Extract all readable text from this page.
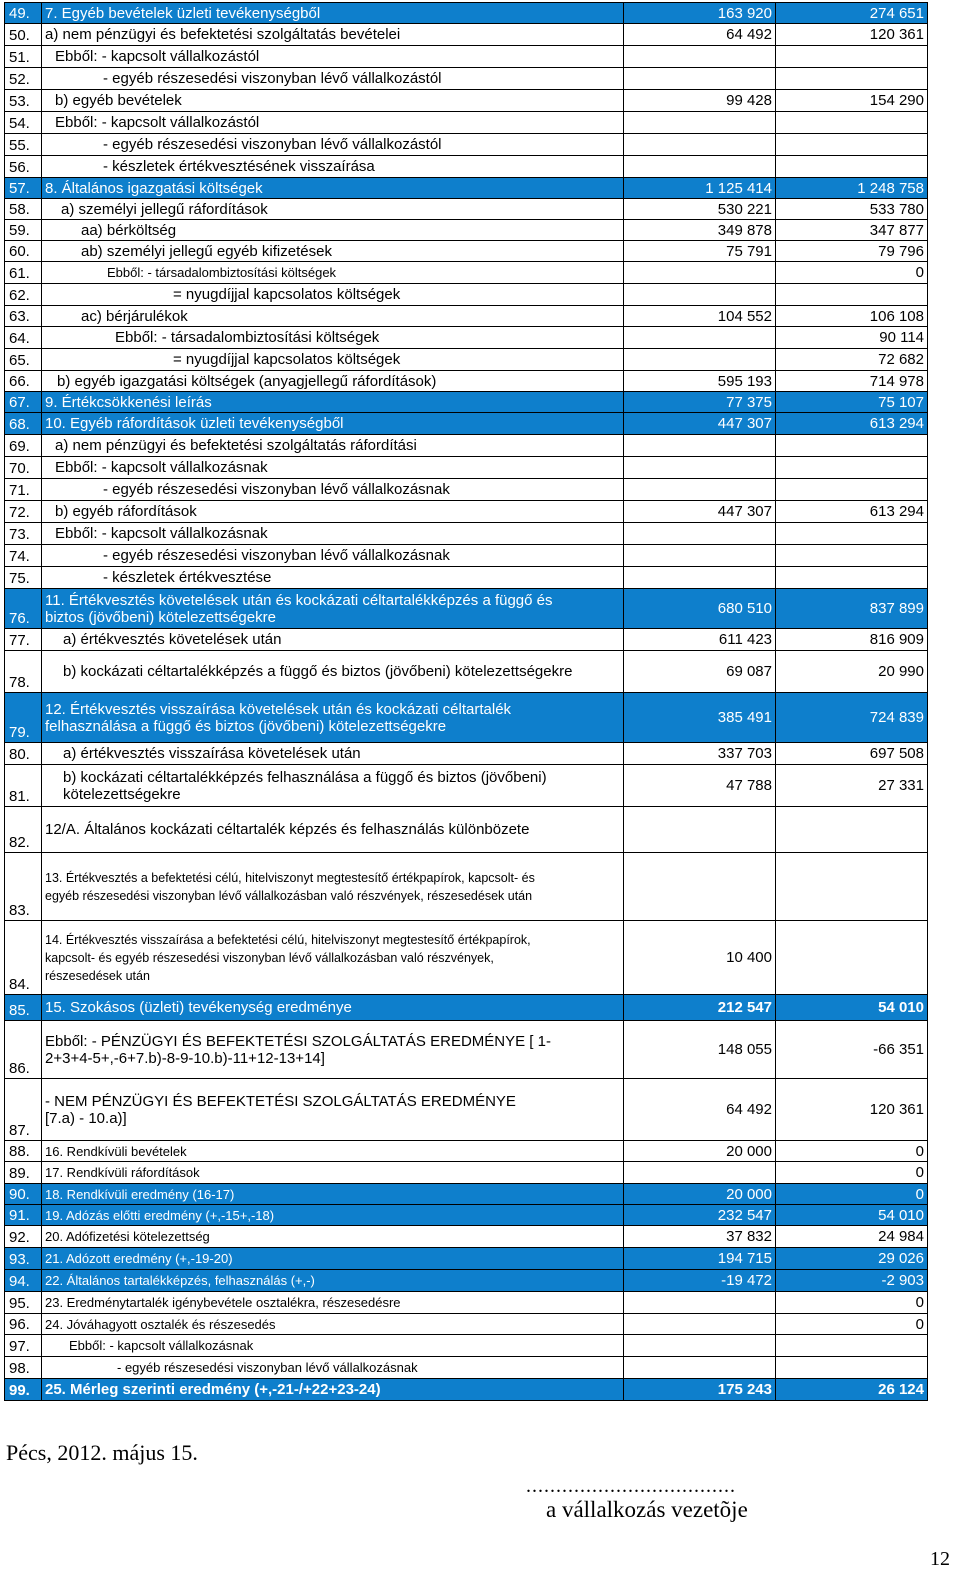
49.	7. Egyéb bevételek üzleti tevékenységből	163 920	274 651
50.	a) nem pénzügyi és befektetési szolgáltatás bevételei	64 492	120 361
51.	Ebből: - kapcsolt vállalkozástól		

52.	- egyéb részesedési viszonyban lévő vállalkozástól		

53.	b) egyéb bevételek	99 428	154 290
54.	Ebből: - kapcsolt vállalkozástól		

55.	- egyéb részesedési viszonyban lévő vállalkozástól		

56.	- készletek értékvesztésének visszaírása		

57.	8. Általános igazgatási költségek	1 125 414	1 248 758
58.	a) személyi jellegű ráfordítások	530 221	533 780
59.	aa) bérköltség	349 878	347 877
60.	ab) személyi jellegű egyéb kifizetések	75 791	79 796
61.	Ebből: - társadalombiztosítási költségek		0
62.	= nyugdíjjal kapcsolatos költségek		

63.	ac) bérjárulékok	104 552	106 108
64.	Ebből: - társadalombiztosítási költségek		90 114
65.	= nyugdíjjal kapcsolatos költségek		72 682
66.	b) egyéb igazgatási költségek (anyagjellegű ráfordítások)	595 193	714 978
67.	9. Értékcsökkenési leírás	77 375	75 107
68.	10. Egyéb ráfordítások üzleti tevékenységből	447 307	613 294
69.	a) nem pénzügyi és befektetési szolgáltatás ráfordítási		

70.	Ebből: - kapcsolt vállalkozásnak		

71.	- egyéb részesedési viszonyban lévő vállalkozásnak		

72.	b) egyéb ráfordítások	447 307	613 294
73.	Ebből: - kapcsolt vállalkozásnak		

74.	- egyéb részesedési viszonyban lévő vállalkozásnak		

75.	- készletek értékvesztése		

76.	11. Értékvesztés követelések után és kockázati céltartalékképzés a függő és
biztos (jövőbeni) kötelezettségekre	680 510	837 899
77.	a) értékvesztés követelések után	611 423	816 909
78.	b) kockázati céltartalékképzés a függő és biztos (jövőbeni) kötelezettségekre	69 087	20 990
79.	12. Értékvesztés visszaírása követelések után és kockázati céltartalék
felhasználása a függő és biztos (jövőbeni) kötelezettségekre	385 491	724 839
80.	a) értékvesztés visszaírása követelések után	337 703	697 508
81.	b) kockázati céltartalékképzés felhasználása a függő és biztos (jövőbeni)
kötelezettségekre	47 788	27 331
82.	12/A. Általános kockázati céltartalék képzés és felhasználás különbözete		

83.	13. Értékvesztés a befektetési célú, hitelviszonyt megtestesítő értékpapírok, kapcsolt- és
egyéb részesedési viszonyban lévő vállalkozásban való részvények, részesedések után		

84.	14. Értékvesztés visszaírása a befektetési célú, hitelviszonyt megtestesítő értékpapírok,
kapcsolt- és egyéb részesedési viszonyban lévő vállalkozásban való részvények,
részesedések után	10 400	
85.	15. Szokásos (üzleti) tevékenység eredménye	212 547	54 010
86.	Ebből: - PÉNZÜGYI ÉS BEFEKTETÉSI SZOLGÁLTATÁS EREDMÉNYE [ 1-
2+3+4-5+,-6+7.b)-8-9-10.b)-11+12-13+14]	148 055	-66 351
87.	- NEM PÉNZÜGYI ÉS BEFEKTETÉSI SZOLGÁLTATÁS EREDMÉNYE
[7.a) - 10.a)]	64 492	120 361
88.	16. Rendkívüli bevételek	20 000	0
89.	17. Rendkívüli ráfordítások		0
90.	18. Rendkívüli eredmény (16-17)	20 000	0
91.	19. Adózás előtti eredmény (+,-15+,-18)	232 547	54 010
92.	20. Adófizetési kötelezettség	37 832	24 984
93.	21. Adózott eredmény (+,-19-20)	194 715	29 026
94.	22. Általános tartalékképzés, felhasználás (+,-)	-19 472	-2 903
95.	23. Eredménytartalék igénybevétele osztalékra, részesedésre		0
96.	24. Jóváhagyott osztalék és részesedés		0
97.	Ebből: - kapcsolt vállalkozásnak		

98.	- egyéb részesedési viszonyban lévő vállalkozásnak		

99.	25. Mérleg szerinti eredmény (+,-21-/+22+23-24)	175 243	26 124
Pécs, 2012. május 15.
...................................
a vállalkozás vezetõje
12
